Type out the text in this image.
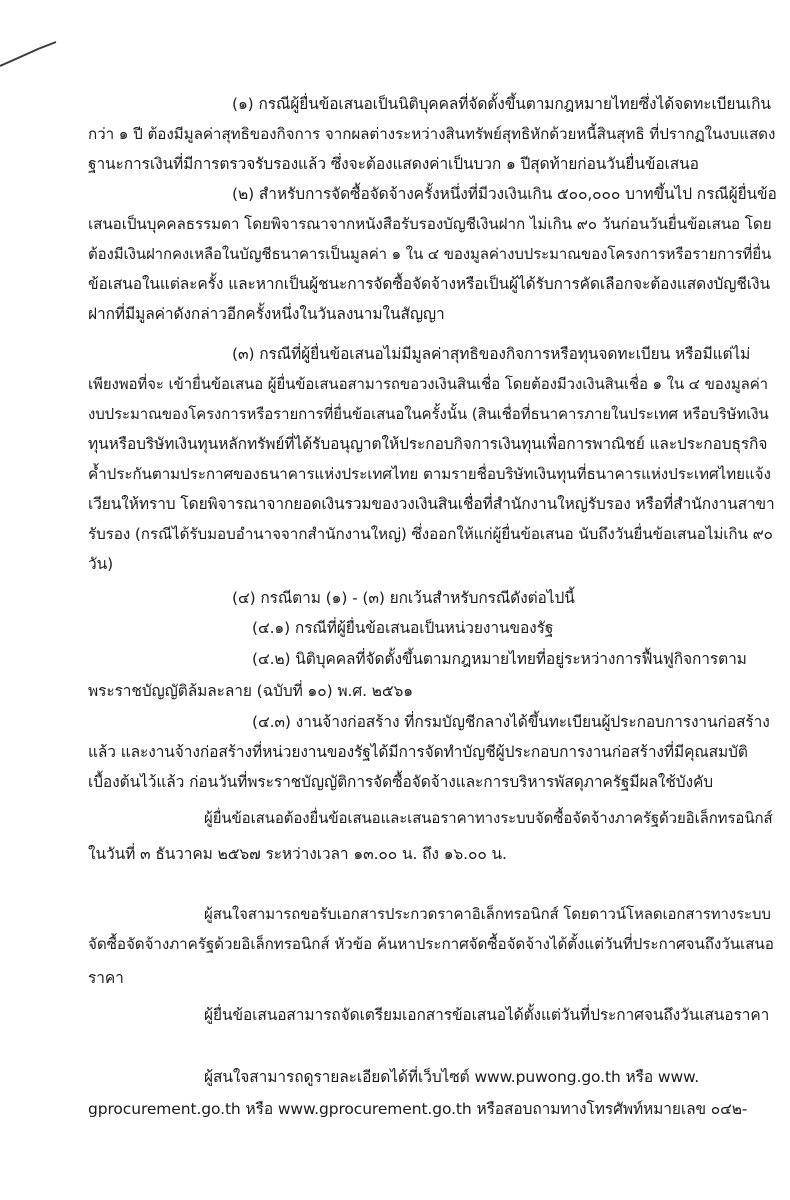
(๑) กรณีผู้ยื่นข้อเสนอเป็นนิติบุคคลที่จัดตั้งขึ้นตามกฎหมายไทยซึ่งได้จดทะเบียนเกิน
กว่า ๑ ปี ต้องมีมูลค่าสุทธิของกิจการ จากผลต่างระหว่างสินทรัพย์สุทธิหักด้วยหนี้สินสุทธิ ที่ปรากฏในงบแสดง
ฐานะการเงินที่มีการตรวจรับรองแล้ว ซึ่งจะต้องแสดงค่าเป็นบวก ๑ ปีสุดท้ายก่อนวันยื่นข้อเสนอ
(๒) สำหรับการจัดซื้อจัดจ้างครั้งหนึ่งที่มีวงเงินเกิน ๕๐๐,๐๐๐ บาทขึ้นไป กรณีผู้ยื่นข้อ
เสนอเป็นบุคคลธรรมดา โดยพิจารณาจากหนังสือรับรองบัญชีเงินฝาก ไม่เกิน ๙๐ วันก่อนวันยื่นข้อเสนอ โดย
ต้องมีเงินฝากคงเหลือในบัญชีธนาคารเป็นมูลค่า ๑ ใน ๔ ของมูลค่างบประมาณของโครงการหรือรายการที่ยื่น
ข้อเสนอในแต่ละครั้ง และหากเป็นผู้ชนะการจัดซื้อจัดจ้างหรือเป็นผู้ได้รับการคัดเลือกจะต้องแสดงบัญชีเงิน
ฝากที่มีมูลค่าดังกล่าวอีกครั้งหนึ่งในวันลงนามในสัญญา
(๓) กรณีที่ผู้ยื่นข้อเสนอไม่มีมูลค่าสุทธิของกิจการหรือทุนจดทะเบียน หรือมีแต่ไม่
เพียงพอที่จะ เข้ายื่นข้อเสนอ ผู้ยื่นข้อเสนอสามารถขอวงเงินสินเชื่อ โดยต้องมีวงเงินสินเชื่อ ๑ ใน ๔ ของมูลค่า
งบประมาณของโครงการหรือรายการที่ยื่นข้อเสนอในครั้งนั้น (สินเชื่อที่ธนาคารภายในประเทศ หรือบริษัทเงิน
ทุนหรือบริษัทเงินทุนหลักทรัพย์ที่ได้รับอนุญาตให้ประกอบกิจการเงินทุนเพื่อการพาณิชย์ และประกอบธุรกิจ
ค้ำประกันตามประกาศของธนาคารแห่งประเทศไทย ตามรายชื่อบริษัทเงินทุนที่ธนาคารแห่งประเทศไทยแจ้ง
เวียนให้ทราบ โดยพิจารณาจากยอดเงินรวมของวงเงินสินเชื่อที่สำนักงานใหญ่รับรอง หรือที่สำนักงานสาขา
รับรอง (กรณีได้รับมอบอำนาจจากสำนักงานใหญ่) ซึ่งออกให้แก่ผู้ยื่นข้อเสนอ นับถึงวันยื่นข้อเสนอไม่เกิน ๙๐
วัน)
(๔) กรณีตาม (๑) - (๓) ยกเว้นสำหรับกรณีดังต่อไปนี้
(๔.๑) กรณีที่ผู้ยื่นข้อเสนอเป็นหน่วยงานของรัฐ
(๔.๒) นิติบุคคลที่จัดตั้งขึ้นตามกฎหมายไทยที่อยู่ระหว่างการฟื้นฟูกิจการตาม
พระราชบัญญัติล้มละลาย (ฉบับที่ ๑๐) พ.ศ. ๒๕๖๑
(๔.๓) งานจ้างก่อสร้าง ที่กรมบัญชีกลางได้ขึ้นทะเบียนผู้ประกอบการงานก่อสร้าง
แล้ว และงานจ้างก่อสร้างที่หน่วยงานของรัฐได้มีการจัดทำบัญชีผู้ประกอบการงานก่อสร้างที่มีคุณสมบัติ
เบื้องต้นไว้แล้ว ก่อนวันที่พระราชบัญญัติการจัดซื้อจัดจ้างและการบริหารพัสดุภาครัฐมีผลใช้บังคับ
ผู้ยื่นข้อเสนอต้องยื่นข้อเสนอและเสนอราคาทางระบบจัดซื้อจัดจ้างภาครัฐด้วยอิเล็กทรอนิกส์
ในวันที่ ๓ ธันวาคม ๒๕๖๗ ระหว่างเวลา ๑๓.๐๐ น. ถึง ๑๖.๐๐ น.
ผู้สนใจสามารถขอรับเอกสารประกวดราคาอิเล็กทรอนิกส์ โดยดาวน์โหลดเอกสารทางระบบ
จัดซื้อจัดจ้างภาครัฐด้วยอิเล็กทรอนิกส์ หัวข้อ ค้นหาประกาศจัดซื้อจัดจ้างได้ตั้งแต่วันที่ประกาศจนถึงวันเสนอ
ราคา
ผู้ยื่นข้อเสนอสามารถจัดเตรียมเอกสารข้อเสนอได้ตั้งแต่วันที่ประกาศจนถึงวันเสนอราคา
ผู้สนใจสามารถดูรายละเอียดได้ที่เว็บไซต์ www.puwong.go.th หรือ www.
gprocurement.go.th หรือ www.gprocurement.go.th หรือสอบถามทางโทรศัพท์หมายเลข ๐๔๒-
